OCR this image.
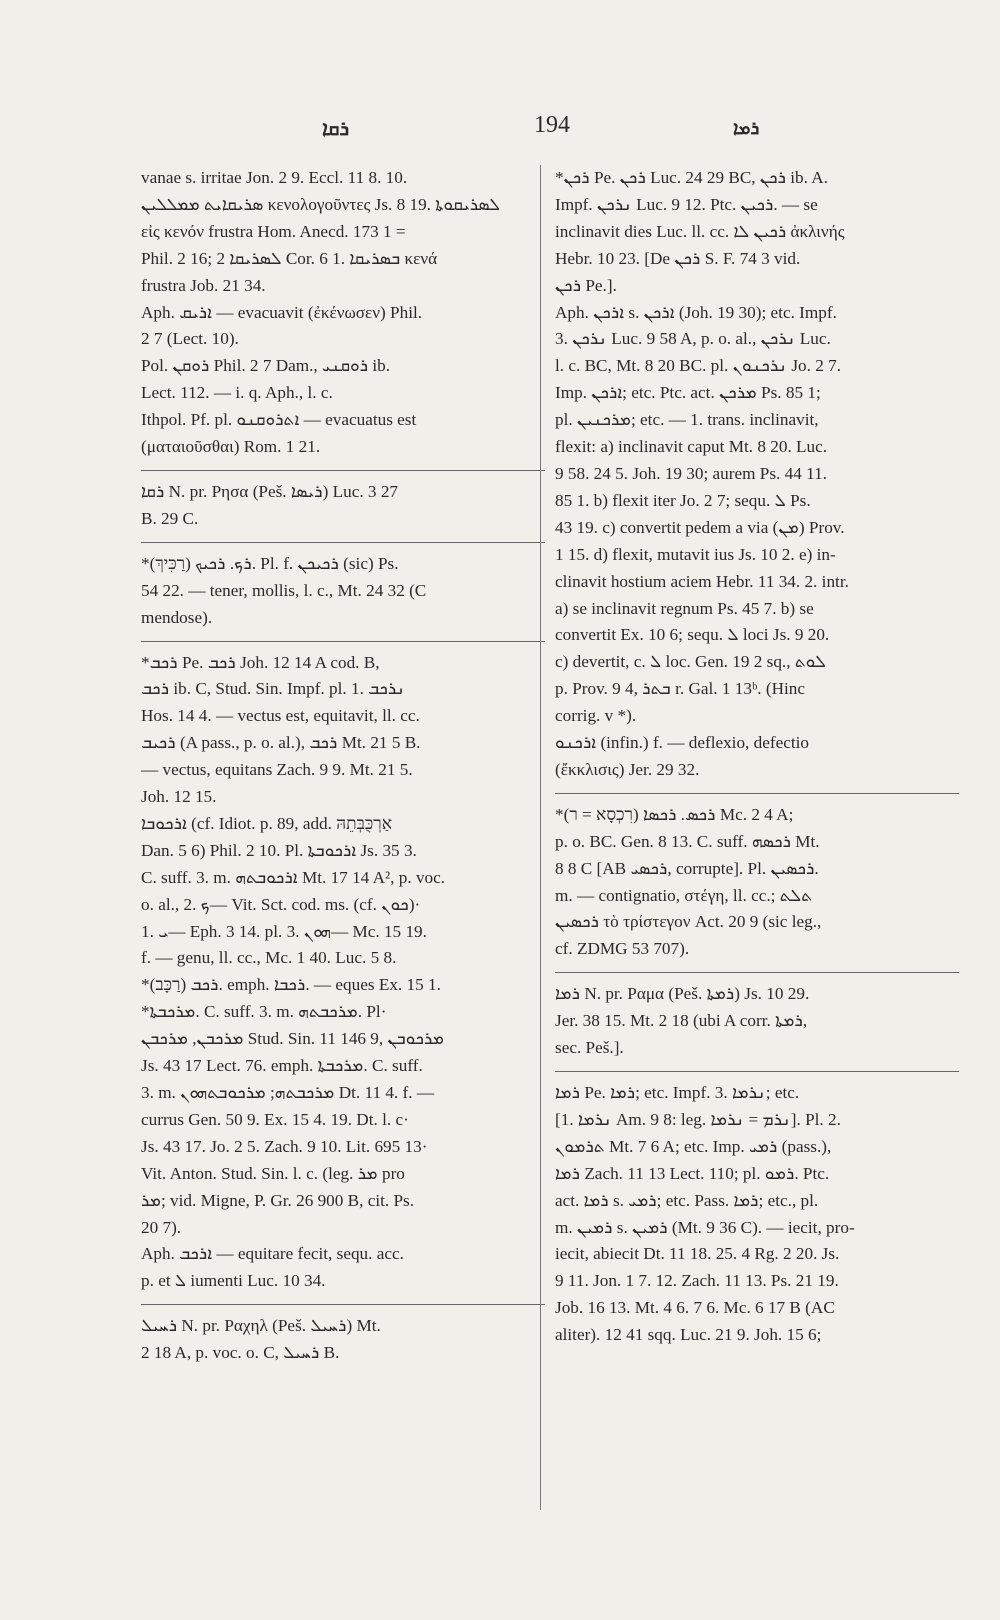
ܪܩܐ	194	ܪܡܐ

vanae s. irritae Jon. 2 9. Eccl. 11 8. 10.

ܣܪܝܩܐܝܬ ܡܡܠܠܝܢ κενολογοῦντες Js. 8 19. ܠܣܪܝܩܘܬܐ

εἰς κενόν frustra Hom. Anecd. 173 1 =

Phil. 2 16; ܠܣܪܝܩܐ 2 Cor. 6 1. ܒܣܪܝܩܐ κενά

frustra Job. 21 34.

Aph. ܐܪܝܩ — evacuavit (ἐκένωσεν) Phil.

2 7 (Lect. 10).

Pol. ܪܘܩܢ Phil. 2 7 Dam., ܪܘܩܢܝ ib.

Lect. 112. — i. q. Aph., l. c.

Ithpol. Pf. pl. ܐܬܪܘܩܢܘ — evacuatus est

(ματαιοῦσθαι) Rom. 1 21.

ܪܩܐ N. pr. Ρησα (Peš. ܪܝܣܐ) Luc. 3 27

B. 29 C.

*ܪܟ. ܪܟܝܟ (רַכִּיךְ). Pl. f. ܪܟܝܟܢ (sic) Ps.

54 22. — tener, mollis, l. c., Mt. 24 32 (C

mendose).

*ܪܟܒ Pe. ܪܟܒ Joh. 12 14 A cod. B,

ܪܟܒ ib. C, Stud. Sin. Impf. pl. 1. ܢܪܟܒ

Hos. 14 4. — vectus est, equitavit, ll. cc.

ܪܟܝܒ (A pass., p. o. al.), ܪܟܒ Mt. 21 5 B.

— vectus, equitans Zach. 9 9. Mt. 21 5.

Joh. 12 15.

ܐܪܟܘܒܐ (cf. Idiot. p. 89, add. אַרְכֻּבְּתֵהּ

Dan. 5 6) Phil. 2 10. Pl. ܐܪܟܘܒܬܐ Js. 35 3.

C. suff. 3. m. ܐܪܟܘܒܬܗ Mt. 17 14 A², p. voc.

o. al., 2. ܟ— Vit. Sct. cod. ms. (cf. ܟܘܢ)·

1. ܝ— Eph. 3 14. pl. 3. ܗܘܢ— Mc. 15 19.

f. — genu, ll. cc., Mc. 1 40. Luc. 5 8.

*ܪܟܒ (רַכָּב). emph. ܪܟܒܐ. — eques Ex. 15 1.

*ܡܪܟܒܬܐ. C. suff. 3. m. ܡܪܟܒܬܗ. Pl·

ܡܪܟܒܢ, ܡܪܟܒܢ Stud. Sin. 11 146 9, ܡܪܟܘܒܢ

Js. 43 17 Lect. 76. emph. ܡܪܟܒܬܐ. C. suff.

3. m. ܡܪܟܒܬܗ; ܡܪܟܘܒܬܗܘܢ Dt. 11 4. f. —

currus Gen. 50 9. Ex. 15 4. 19. Dt. l. c·

Js. 43 17. Jo. 2 5. Zach. 9 10. Lit. 695 13·

Vit. Anton. Stud. Sin. l. c. (leg. ܡܪ pro

ܡܪ; vid. Migne, P. Gr. 26 900 B, cit. Ps.

20 7).

Aph. ܐܪܟܒ — equitare fecit, sequ. acc.

p. et ܠ iumenti Luc. 10 34.

ܪܚܝܠ N. pr. Ραχηλ (Peš. ܪܚܝܠ) Mt.

2 18 A, p. voc. o. C, ܪܚܝܠ B.

*ܪܟܢ Pe. ܪܟܢ Luc. 24 29 BC, ܪܟܢ ib. A.

Impf. ܢܪܟܢ Luc. 9 12. Ptc. ܪܟܝܢ. — se

inclinavit dies Luc. ll. cc. ܪܟܝܢ ܠܐ ἀκλινής

Hebr. 10 23. [De ܪܟܢ S. F. 74 3 vid.

ܪܟܢ Pe.].

Aph. ܐܪܟܢ s. ܐܪܟܢ (Joh. 19 30); etc. Impf.

3. ܢܪܟܢ Luc. 9 58 A, p. o. al., ܢܪܟܢ Luc.

l. c. BC, Mt. 8 20 BC. pl. ܢܪܟܢܘܢ Jo. 2 7.

Imp. ܐܪܟܢ; etc. Ptc. act. ܡܪܟܢ Ps. 85 1;

pl. ܡܪܟܢܝܢ; etc. — 1. trans. inclinavit,

flexit: a) inclinavit caput Mt. 8 20. Luc.

9 58. 24 5. Joh. 19 30; aurem Ps. 44 11.

85 1. b) flexit iter Jo. 2 7; sequ. ܠ Ps.

43 19. c) convertit pedem a via (ܡܢ) Prov.

1 15. d) flexit, mutavit ius Js. 10 2. e) in-

clinavit hostium aciem Hebr. 11 34. 2. intr.

a) se inclinavit regnum Ps. 45 7. b) se

convertit Ex. 10 6; sequ. ܠ loci Js. 9 20.

c) devertit, c. ܠ loc. Gen. 19 2 sq., ܠܘܬ

p. Prov. 9 4, ܒܬܪ r. Gal. 1 13ᵇ. (Hinc

corrig. v *).

ܐܪܟܢܘ (infin.) f. — deflexio, defectio

(ἔκκλισις) Jer. 29 32.

*ܪܟܣ. ܪܟܣܐ (רִכְסָא = ר) Mc. 2 4 A;

p. o. BC. Gen. 8 13. C. suff. ܪܟܣܗ Mt.

8 8 C [AB ܪܟܣܝ, corrupte]. Pl. ܪܟܣܝܢ.

m. — contignatio, στέγη, ll. cc.; ܬܠܬ

ܪܟܣܝܢ τὸ τρίστεγον Act. 20 9 (sic leg.,

cf. ZDMG 53 707).

ܪܡܐ N. pr. Ραμα (Peš. ܪܡܬܐ) Js. 10 29.

Jer. 38 15. Mt. 2 18 (ubi A corr. ܪܡܬܐ,

sec. Peš.].

ܪܡܐ Pe. ܪܡܐ; etc. Impf. 3. ܢܪܡܐ; etc.

[1. ܢܪܡܐ Am. 9 8: leg. ܢܪܡ = ܢܪܡܐ]. Pl. 2.

ܬܪܡܘܢ Mt. 7 6 A; etc. Imp. ܪܡܝ (pass.),

ܪܡܐ Zach. 11 13 Lect. 110; pl. ܪܡܘ. Ptc.

act. ܪܡܐ s. ܪܡܝ; etc. Pass. ܪܡܐ; etc., pl.

m. ܪܡܝܢ s. ܪܡܝܢ (Mt. 9 36 C). — iecit, pro-

iecit, abiecit Dt. 11 18. 25. 4 Rg. 2 20. Js.

9 11. Jon. 1 7. 12. Zach. 11 13. Ps. 21 19.

Job. 16 13. Mt. 4 6. 7 6. Mc. 6 17 B (AC

aliter). 12 41 sqq. Luc. 21 9. Joh. 15 6;
